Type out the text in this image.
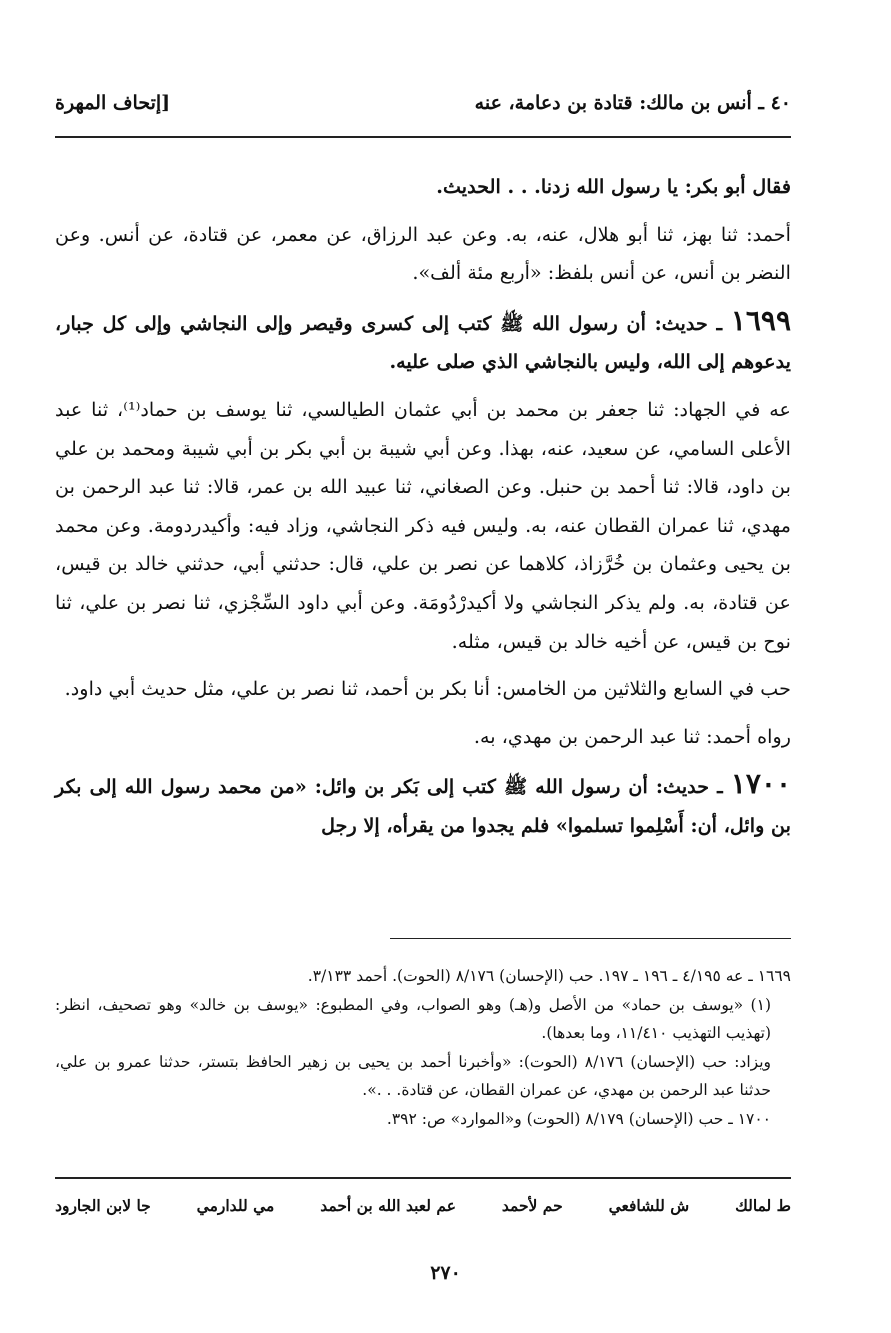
٤٠ ـ أنس بن مالك: قتادة بن دعامة، عنه
[إتحاف المهرة

فقال أبو بكر: يا رسول الله زدنا. . . الحديث.

أحمد: ثنا بهز، ثنا أبو هلال، عنه، به. وعن عبد الرزاق، عن معمر، عن قتادة، عن أنس. وعن النضر بن أنس، عن أنس بلفظ: «أربع مئة ألف».

١٦٩٩ ـ حديث: أن رسول الله ﷺ كتب إلى كسرى وقيصر وإلى النجاشي وإلى كل جبار، يدعوهم إلى الله، وليس بالنجاشي الذي صلى عليه.

عه في الجهاد: ثنا جعفر بن محمد بن أبي عثمان الطيالسي، ثنا يوسف بن حماد⁽¹⁾، ثنا عبد الأعلى السامي، عن سعيد، عنه، بهذا. وعن أبي شيبة بن أبي بكر بن أبي شيبة ومحمد بن علي بن داود، قالا: ثنا أحمد بن حنبل. وعن الصغاني، ثنا عبيد الله بن عمر، قالا: ثنا عبد الرحمن بن مهدي، ثنا عمران القطان عنه، به. وليس فيه ذكر النجاشي، وزاد فيه: وأكيدردومة. وعن محمد بن يحيى وعثمان بن خُرَّزاذ، كلاهما عن نصر بن علي، قال: حدثني أبي، حدثني خالد بن قيس، عن قتادة، به. ولم يذكر النجاشي ولا أكيدرْدُومَة. وعن أبي داود السِّجْزي، ثنا نصر بن علي، ثنا نوح بن قيس، عن أخيه خالد بن قيس، مثله.

حب في السابع والثلاثين من الخامس: أنا بكر بن أحمد، ثنا نصر بن علي، مثل حديث أبي داود.

رواه أحمد: ثنا عبد الرحمن بن مهدي، به.

١٧٠٠ ـ حديث: أن رسول الله ﷺ كتب إلى بَكر بن وائل: «من محمد رسول الله إلى بكر بن وائل، أن: أَسْلِموا تسلموا» فلم يجدوا من يقرأه، إلا رجل

١٦٦٩ ـ عه ٤/١٩٥ ـ ١٩٦ ـ ١٩٧. حب (الإحسان) ٨/١٧٦ (الحوت). أحمد ٣/١٣٣.

(١) «يوسف بن حماد» من الأصل و(هـ) وهو الصواب، وفي المطبوع: «يوسف بن خالد» وهو تصحيف، انظر: (تهذيب التهذيب ١١/٤١٠، وما بعدها).

ويزاد: حب (الإحسان) ٨/١٧٦ (الحوت): «وأخبرنا أحمد بن يحيى بن زهير الحافظ بتستر، حدثنا عمرو بن علي، حدثنا عبد الرحمن بن مهدي، عن عمران القطان، عن قتادة. . .».

١٧٠٠ ـ حب (الإحسان) ٨/١٧٩ (الحوت) و«الموارد» ص: ٣٩٢.

ط لمالك
ش للشافعي
حم لأحمد
عم لعبد الله بن أحمد
مي للدارمي
جا لابن الجارود
٢٧٠
